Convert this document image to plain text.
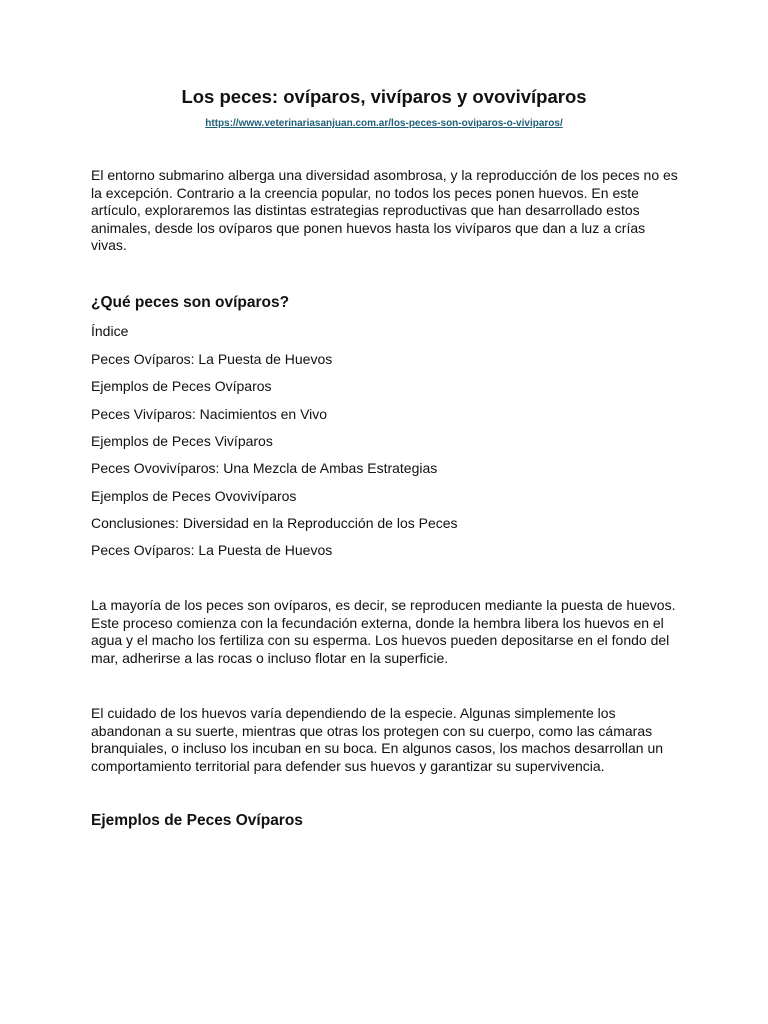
Los peces: ovíparos, vivíparos y ovovivíparos
https://www.veterinariasanjuan.com.ar/los-peces-son-oviparos-o-viviparos/

El entorno submarino alberga una diversidad asombrosa, y la reproducción de los peces no es la excepción. Contrario a la creencia popular, no todos los peces ponen huevos. En este artículo, exploraremos las distintas estrategias reproductivas que han desarrollado estos animales, desde los ovíparos que ponen huevos hasta los vivíparos que dan a luz a crías vivas.

¿Qué peces son ovíparos?

Índice

Peces Ovíparos: La Puesta de Huevos

Ejemplos de Peces Ovíparos

Peces Vivíparos: Nacimientos en Vivo

Ejemplos de Peces Vivíparos

Peces Ovovivíparos: Una Mezcla de Ambas Estrategias

Ejemplos de Peces Ovovivíparos

Conclusiones: Diversidad en la Reproducción de los Peces

Peces Ovíparos: La Puesta de Huevos

La mayoría de los peces son ovíparos, es decir, se reproducen mediante la puesta de huevos. Este proceso comienza con la fecundación externa, donde la hembra libera los huevos en el agua y el macho los fertiliza con su esperma. Los huevos pueden depositarse en el fondo del mar, adherirse a las rocas o incluso flotar en la superficie.

El cuidado de los huevos varía dependiendo de la especie. Algunas simplemente los abandonan a su suerte, mientras que otras los protegen con su cuerpo, como las cámaras branquiales, o incluso los incuban en su boca. En algunos casos, los machos desarrollan un comportamiento territorial para defender sus huevos y garantizar su supervivencia.

Ejemplos de Peces Ovíparos
